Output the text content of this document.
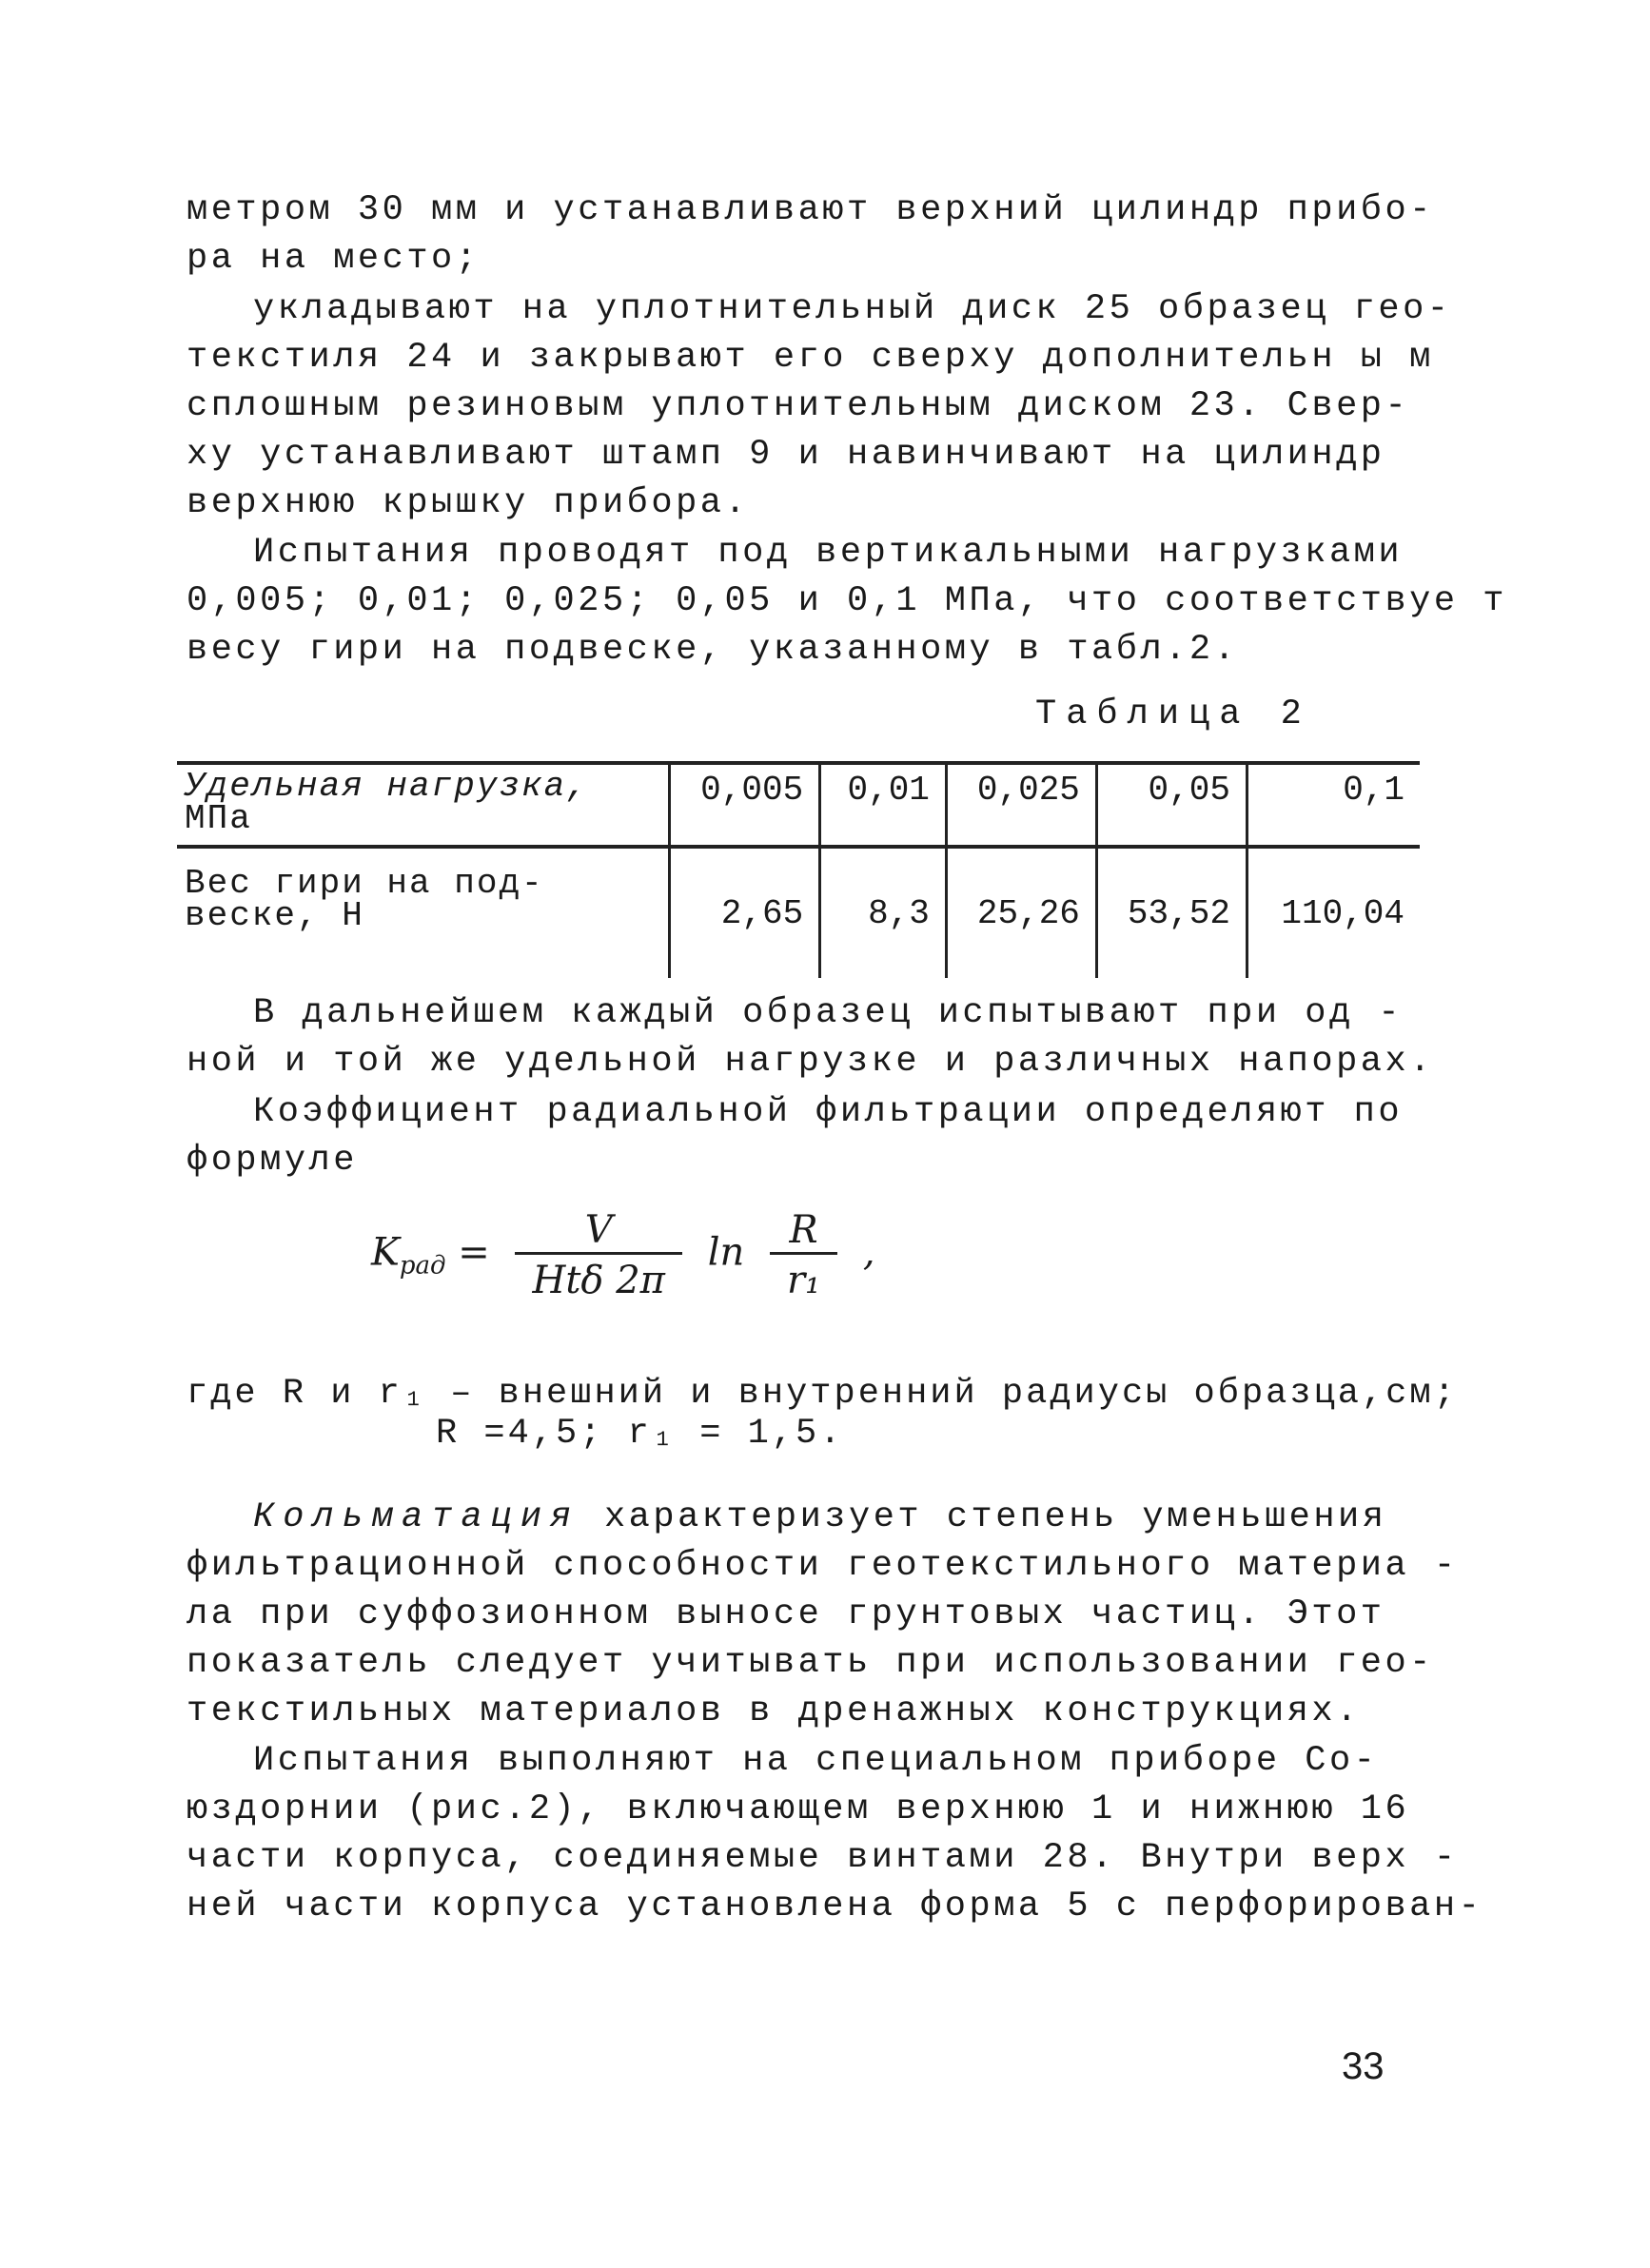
метром 30 мм и устанавливают верхний цилиндр прибо-
ра на место;

укладывают на уплотнительный диск 25 образец гео-
текстиля 24 и закрывают его сверху дополнительн ы м
сплошным резиновым уплотнительным диском 23. Свер-
ху устанавливают штамп 9 и навинчивают на цилиндр
верхнюю крышку прибора.

Испытания проводят под вертикальными нагрузками
0,005; 0,01; 0,025; 0,05 и 0,1 МПа, что соответствуе т
весу гири на подвеске, указанному в табл.2.

Таблица 2
Удельная нагрузка,
МПа	0,005	0,01	0,025	0,05	0,1

Вес гири на под-
веске, Н	2,65	8,3	25,26	53,52	110,04

В дальнейшем каждый образец испытывают при од -
ной и той же удельной нагрузке и различных напорах.

Коэффициент радиальной фильтрации определяют по
формуле

$K_{рад} = \frac{V}{\text{Htδ 2π}}$ $\ln \frac{R}{\text{r₁}}$ ,
где R и r₁ – внешний и внутренний радиусы образца,см;
R =4,5; r₁ = 1,5.

Кольматация характеризует степень уменьшения
фильтрационной способности геотекстильного материа -
ла при суффозионном выносе грунтовых частиц. Этот
показатель следует учитывать при использовании гео-
текстильных материалов в дренажных конструкциях.

Испытания выполняют на специальном приборе Со-
юздорнии (рис.2), включающем верхнюю 1 и нижнюю 16
части корпуса, соединяемые винтами 28. Внутри верх -
ней части корпуса установлена форма 5 с перфорирован-

33
